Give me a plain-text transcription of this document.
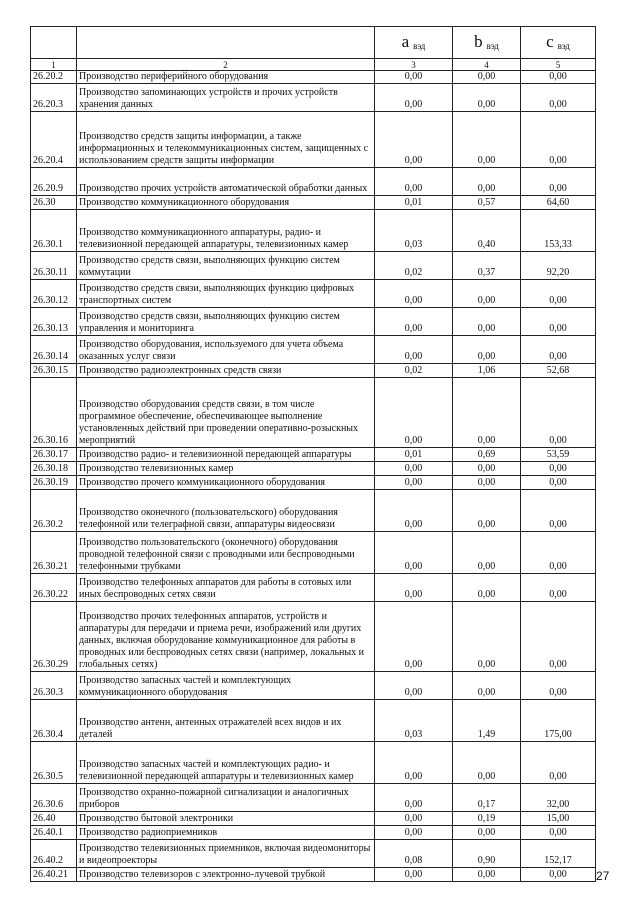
		a $_{вэд}$	b $_{вэд}$	c $_{вэд}$
1	2	3	4	5
26.20.2	Производство периферийного оборудования	0,00	0,00	0,00
26.20.3	Производство запоминающих устройств и прочих устройств хранения данных	0,00	0,00	0,00
26.20.4	Производство средств защиты информации, а также информационных и телекоммуникационных систем, защищенных с использованием средств защиты информации	0,00	0,00	0,00
26.20.9	Производство прочих устройств автоматической обработки данных	0,00	0,00	0,00
26.30	Производство коммуникационного оборудования	0,01	0,57	64,60
26.30.1	Производство коммуникационного аппаратуры, радио- и телевизионной передающей аппаратуры, телевизионных камер	0,03	0,40	153,33
26.30.11	Производство средств связи, выполняющих функцию систем коммутации	0,02	0,37	92,20
26.30.12	Производство средств связи, выполняющих функцию цифровых транспортных систем	0,00	0,00	0,00
26.30.13	Производство средств связи, выполняющих функцию систем управления и мониторинга	0,00	0,00	0,00
26.30.14	Производство оборудования, используемого для учета объема оказанных услуг связи	0,00	0,00	0,00
26.30.15	Производство радиоэлектронных средств связи	0,02	1,06	52,68
26.30.16	Производство оборудования средств связи, в том числе программное обеспечение, обеспечивающее выполнение установленных действий при проведении оперативно-розыскных мероприятий	0,00	0,00	0,00
26.30.17	Производство радио- и телевизионной передающей аппаратуры	0,01	0,69	53,59
26.30.18	Производство телевизионных камер	0,00	0,00	0,00
26.30.19	Производство прочего коммуникационного оборудования	0,00	0,00	0,00
26.30.2	Производство оконечного (пользовательского) оборудования телефонной или телеграфной связи, аппаратуры видеосвязи	0,00	0,00	0,00
26.30.21	Производство пользовательского (оконечного) оборудования проводной телефонной связи с проводными или беспроводными телефонными трубками	0,00	0,00	0,00
26.30.22	Производство телефонных аппаратов для работы в сотовых или иных беспроводных сетях связи	0,00	0,00	0,00
26.30.29	Производство прочих телефонных аппаратов, устройств и аппаратуры для передачи и приема речи, изображений или других данных, включая оборудование коммуникационное для работы в проводных или беспроводных сетях связи (например, локальных и глобальных сетях)	0,00	0,00	0,00
26.30.3	Производство запасных частей и комплектующих коммуникационного оборудования	0,00	0,00	0,00
26.30.4	Производство антенн, антенных отражателей всех видов и их деталей	0,03	1,49	175,00
26.30.5	Производство запасных частей и комплектующих радио- и телевизионной передающей аппаратуры и телевизионных камер	0,00	0,00	0,00
26.30.6	Производство охранно-пожарной сигнализации и аналогичных приборов	0,00	0,17	32,00
26.40	Производство бытовой электроники	0,00	0,19	15,00
26.40.1	Производство радиоприемников	0,00	0,00	0,00
26.40.2	Производство телевизионных приемников, включая видеомониторы и видеопроекторы	0,08	0,90	152,17
26.40.21	Производство телевизоров с электронно-лучевой трубкой	0,00	0,00	0,00 27
